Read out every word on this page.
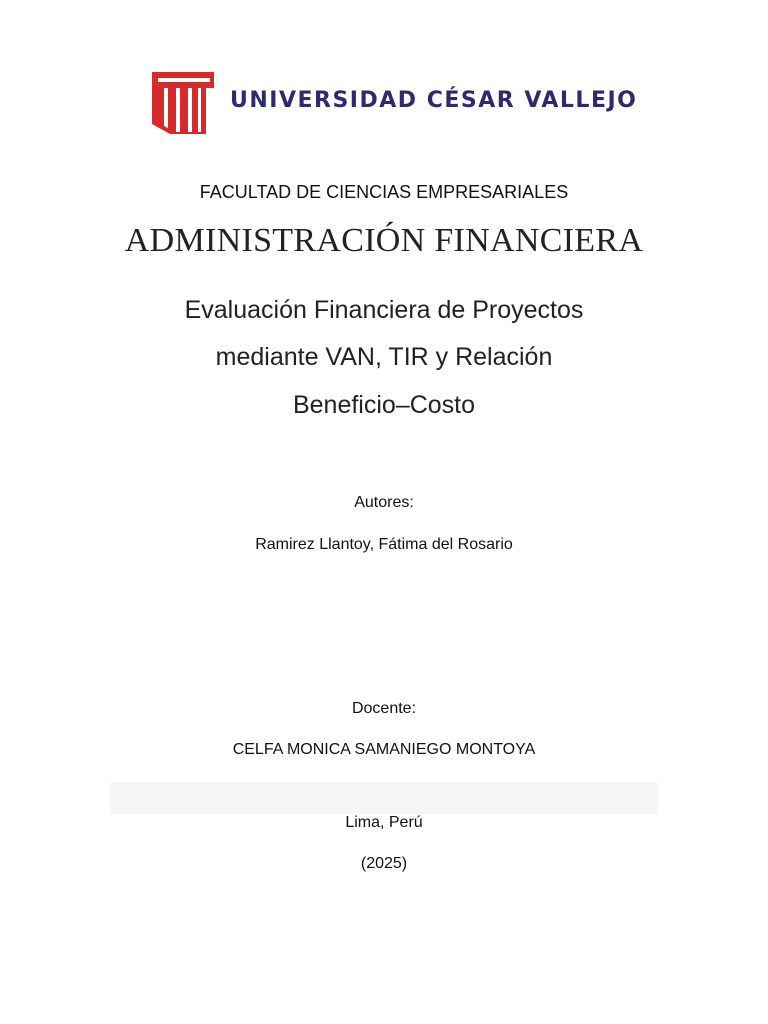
UNIVERSIDAD CÉSAR VALLEJO
FACULTAD DE CIENCIAS EMPRESARIALES
ADMINISTRACIÓN FINANCIERA
Evaluación Financiera de Proyectos
mediante VAN, TIR y Relación
Beneficio–Costo
Autores:
Ramirez Llantoy, Fátima del Rosario
Docente:
CELFA MONICA SAMANIEGO MONTOYA
Lima, Perú
(2025)
